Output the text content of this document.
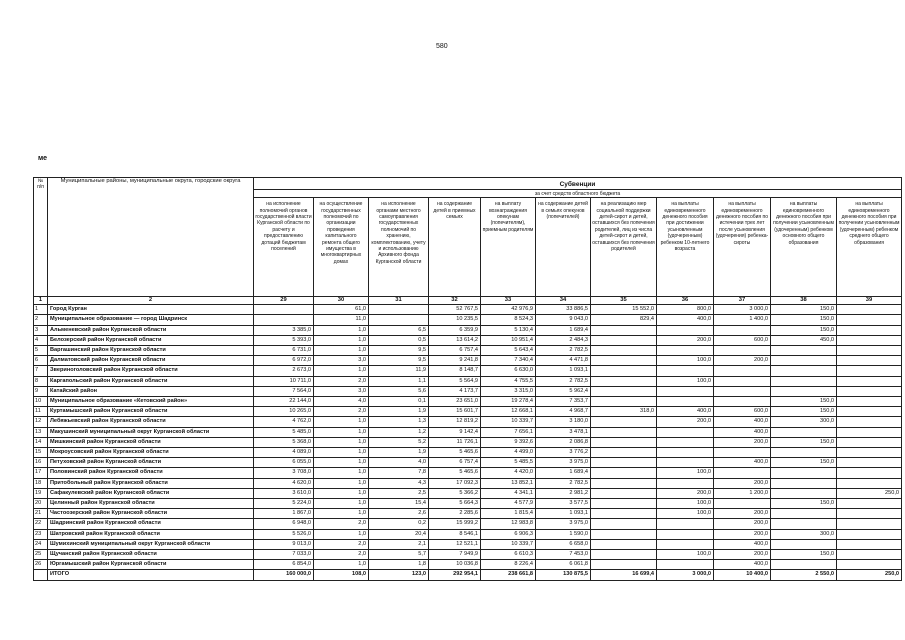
580
ме
№ п/п	Муниципальные районы, муниципальные округа, городские округа	Субвенции										
		за счет средств областного бюджета										
		на исполнение полномочий органов государственной власти Курганской области по расчету и предоставлению дотаций бюджетам поселений	на осуществление государственных полномочий по организации проведения капитального ремонта общего имущества в многоквартирных домах	на исполнение органами местного самоуправления государственных полномочий по хранению, комплектованию, учету и использованию Архивного фонда Курганской области	на содержание детей в приемных семьях	на выплату вознаграждения опекунам (попечителям), приемным родителям	на содержание детей в семьях опекунов (попечителей)	на реализацию мер социальной поддержки детей-сирот и детей, оставшихся без попечения родителей, лиц из числа детей-сирот и детей, оставшихся без попечения родителей	на выплаты единовременного денежного пособия при достижении усыновленным (удочеренным) ребенком 10-летнего возраста	на выплаты единовременного денежного пособия по истечении трех лет после усыновления (удочерения) ребенка-сироты	на выплаты единовременного денежного пособия при получении усыновленным (удочеренным) ребенком основного общего образования	на выплаты единовременного денежного пособия при получении усыновленным (удочеренным) ребенком среднего общего образования
1	2	29	30	31	32	33	34	35	36	37	38	39
1	Город Курган		61,0		52 767,5	42 976,9	33 886,5	15 552,0	800,0	3 000,0	150,0	
2	Муниципальное образование — город Шадринск		11,0		10 235,5	8 524,3	9 043,0	829,4	400,0	1 400,0	150,0	
3	Альменевский район Курганской области	3 385,0	1,0	6,5	6 359,9	5 130,4	1 689,4				150,0	
4	Белозерский район Курганской области	5 393,0	1,0	0,5	13 614,2	10 951,4	2 484,3		200,0	600,0	450,0	
5	Варгашинский район Курганской области	6 731,0	1,0	9,5	6 757,4	5 643,4	2 782,5					
6	Далматовский район Курганской области	6 972,0	3,0	9,5	9 241,8	7 340,4	4 471,8		100,0	200,0		
7	Звериноголовский район Курганской области	2 673,0	1,0	11,9	8 148,7	6 630,0	1 093,1					
8	Каргапольский район Курганской области	10 711,0	2,0	1,1	5 564,9	4 755,5	2 782,5		100,0			
9	Катайский район	7 564,0	3,0	5,6	4 173,7	3 315,0	5 962,4					
10	Муниципальное образование «Кетовский район»	22 144,0	4,0	0,1	23 651,0	19 278,4	7 353,7				150,0	
11	Куртамышский район Курганской области	10 265,0	2,0	1,9	15 601,7	12 668,1	4 968,7	318,0	400,0	600,0	150,0	
12	Лебяжьевский район Курганской области	4 762,0	1,0	1,3	12 819,2	10 339,7	3 180,0		200,0	400,0	300,0	
13	Макушинский муниципальный округ Курганской области	5 485,0	1,0	1,2	9 142,4	7 656,1	3 478,1			400,0		
14	Мишкинский район Курганской области	5 368,0	1,0	5,2	11 726,1	9 392,6	2 086,8			200,0	150,0	
15	Мокроусовский район Курганской области	4 089,0	1,0	1,9	5 465,6	4 499,0	3 776,2					
16	Петуховский район Курганской области	6 055,0	1,0	4,0	6 757,4	5 485,5	3 975,0			400,0	150,0	
17	Половинский район Курганской области	3 708,0	1,0	7,8	5 465,6	4 420,0	1 689,4		100,0			
18	Притобольный район Курганской области	4 620,0	1,0	4,3	17 092,3	13 852,1	2 782,5			200,0		
19	Сафакулевский район Курганской области	3 610,0	1,0	2,5	5 366,2	4 341,1	2 981,2		200,0	1 200,0		250,0
20	Целинный район Курганской области	5 224,0	1,0	15,4	5 664,3	4 577,9	3 577,5		100,0		150,0	
21	Частоозерский район Курганской области	1 867,0	1,0	2,6	2 285,6	1 815,4	1 093,1		100,0	200,0		
22	Шадринский район Курганской области	6 948,0	2,0	0,2	15 999,2	12 983,8	3 975,0			200,0		
23	Шатровский район Курганской области	5 526,0	1,0	20,4	8 546,1	6 906,3	1 590,0			200,0	300,0	
24	Шумихинский муниципальный округ Курганской области	9 013,0	2,0	2,1	12 521,1	10 339,7	6 658,0			400,0		
25	Щучанский район Курганской области	7 033,0	2,0	5,7	7 949,9	6 610,3	7 453,0		100,0	200,0	150,0	
26	Юргамышский район Курганской области	6 854,0	1,0	1,8	10 036,8	8 226,4	6 061,8			400,0		
	ИТОГО	160 000,0	108,0	123,0	292 954,1	238 661,8	130 875,5	16 699,4	3 000,0	10 400,0	2 550,0	250,0
